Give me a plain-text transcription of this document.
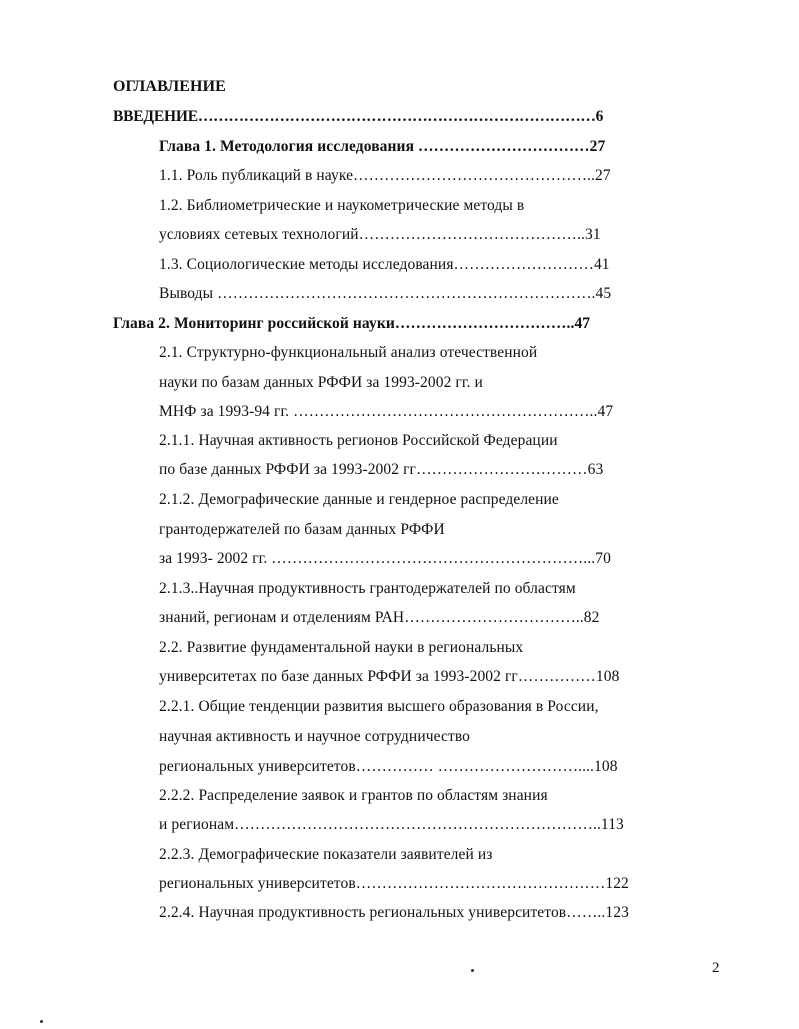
ОГЛАВЛЕНИЕ
ВВЕДЕНИЕ……………………………………………………………………6
Глава 1. Методология исследования ……………………………27
1.1. Роль публикаций в науке………………………………………..27
1.2. Библиометрические и наукометрические методы в
условиях сетевых технологий……………………………………..31
1.3. Социологические методы исследования………………………41
Выводы ……………………………………………………………….45
Глава 2. Мониторинг российской науки……………………………..47
2.1. Структурно-функциональный анализ отечественной
науки по базам данных РФФИ за 1993-2002 гг. и
МНФ за 1993-94 гг. …………………………………………………..47
2.1.1. Научная активность регионов Российской Федерации
по базе данных РФФИ за 1993-2002 гг……………………………63
2.1.2. Демографические данные и гендерное распределение
грантодержателей по базам данных РФФИ
за 1993- 2002 гг. ……………………………………………………...70
2.1.3..Научная продуктивность грантодержателей по областям
знаний, регионам и отделениям РАН……………………………..82
2.2. Развитие фундаментальной науки в региональных
университетах по базе данных РФФИ за 1993-2002 гг……………108
2.2.1. Общие тенденции развития высшего образования в России,
научная активность и научное сотрудничество
региональных университетов…………… ………………………....108
2.2.2. Распределение заявок и грантов по областям знания
и регионам……………………………………………………………..113
2.2.3. Демографические показатели заявителей из
региональных университетов…………………………………………122
2.2.4. Научная продуктивность региональных университетов……..123
2
